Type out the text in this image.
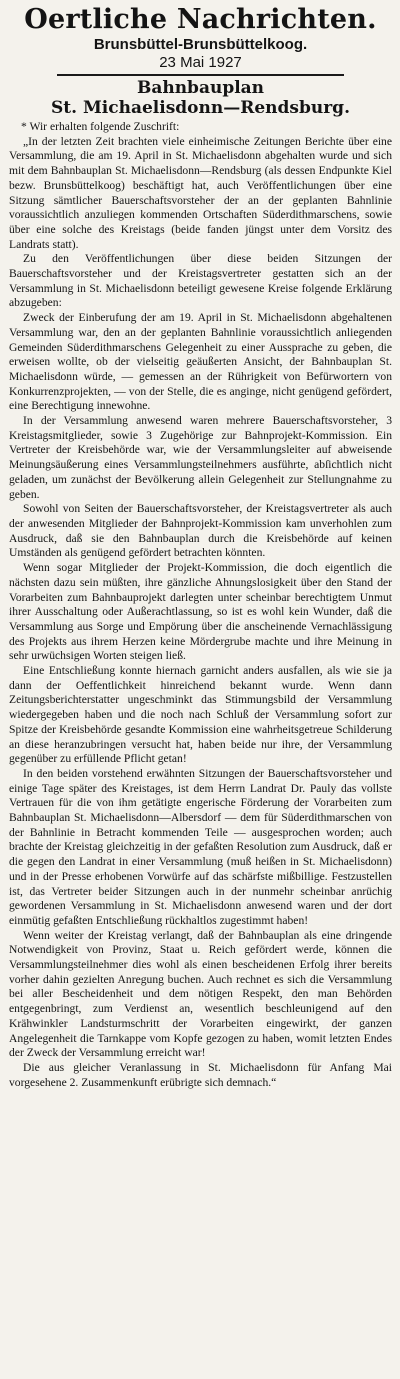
Oertliche Nachrichten.
Brunsbüttel-Brunsbüttelkoog.
23 Mai 1927
Bahnbauplan
St. Michaelisdonn—Rendsburg.

* Wir erhalten folgende Zuschrift:

„In der letzten Zeit brachten viele einheimische Zeitungen Berichte über eine Versammlung, die am 19. April in St. Michaelisdonn abgehalten wurde und sich mit dem Bahnbauplan St. Michaelisdonn—Rendsburg (als dessen Endpunkte Kiel bezw. Brunsbüttelkoog) beschäftigt hat, auch Veröffentlichungen über eine Sitzung sämtlicher Bauerschaftsvorsteher der an der geplanten Bahnlinie voraussichtlich anzuliegen kommenden Ortschaften Süderdithmarschens, sowie über eine solche des Kreistags (beide fanden jüngst unter dem Vorsitz des Landrats statt).

Zu den Veröffentlichungen über diese beiden Sitzungen der Bauerschaftsvorsteher und der Kreistagsvertreter gestatten sich an der Versammlung in St. Michaelisdonn beteiligt gewesene Kreise folgende Erklärung abzugeben:

Zweck der Einberufung der am 19. April in St. Michaelisdonn abgehaltenen Versammlung war, den an der geplanten Bahnlinie voraussichtlich anliegenden Gemeinden Süderdithmarschens Gelegenheit zu einer Aussprache zu geben, die erweisen wollte, ob der vielseitig geäußerten Ansicht, der Bahnbauplan St. Michaelisdonn würde, — gemessen an der Rührigkeit von Befürwortern von Konkurrenzprojekten, — von der Stelle, die es anginge, nicht genügend gefördert, eine Berechtigung innewohne.

In der Versammlung anwesend waren mehrere Bauerschaftsvorsteher, 3 Kreistagsmitglieder, sowie 3 Zugehörige zur Bahnprojekt-Kommission. Ein Vertreter der Kreisbehörde war, wie der Versammlungsleiter auf abweisende Meinungsäußerung eines Versammlungsteilnehmers ausführte, abſichtlich nicht geladen, um zunächst der Bevölkerung allein Gelegenheit zur Stellungnahme zu geben.

Sowohl von Seiten der Bauerschaftsvorsteher, der Kreistagsvertreter als auch der anwesenden Mitglieder der Bahnprojekt-Kommission kam unverhohlen zum Ausdruck, daß sie den Bahnbauplan durch die Kreisbehörde auf keinen Umständen als genügend gefördert betrachten könnten.

Wenn sogar Mitglieder der Projekt-Kommission, die doch eigentlich die nächsten dazu sein müßten, ihre gänzliche Ahnungslosigkeit über den Stand der Vorarbeiten zum Bahnbauprojekt darlegten unter scheinbar berechtigtem Unmut ihrer Ausschaltung oder Außerachtlassung, so ist es wohl kein Wunder, daß die Versammlung aus Sorge und Empörung über die anscheinende Vernachlässigung des Projekts aus ihrem Herzen keine Mördergrube machte und ihre Meinung in sehr urwüchsigen Worten steigen ließ.

Eine Entschließung konnte hiernach garnicht anders ausfallen, als wie sie ja dann der Oeffentlichkeit hinreichend bekannt wurde. Wenn dann Zeitungsberichterstatter ungeschminkt das Stimmungsbild der Versammlung wiedergegeben haben und die noch nach Schluß der Versammlung sofort zur Spitze der Kreisbehörde gesandte Kommission eine wahrheitsgetreue Schilderung an diese heranzubringen versucht hat, haben beide nur ihre, der Versammlung gegenüber zu erfüllende Pflicht getan!

In den beiden vorstehend erwähnten Sitzungen der Bauerschaftsvorsteher und einige Tage später des Kreistages, ist dem Herrn Landrat Dr. Pauly das vollste Vertrauen für die von ihm getätigte engerische Förderung der Vorarbeiten zum Bahnbauplan St. Michaelisdonn—Albersdorf — dem für Süderdithmarschen von der Bahnlinie in Betracht kommenden Teile — ausgesprochen worden; auch brachte der Kreistag gleichzeitig in der gefaßten Resolution zum Ausdruck, daß er die gegen den Landrat in einer Versammlung (muß heißen in St. Michaelisdonn) und in der Presse erhobenen Vorwürfe auf das schärfste mißbillige. Festzustellen ist, das Vertreter beider Sitzungen auch in der nunmehr scheinbar anrüchig gewordenen Versammlung in St. Michaelisdonn anwesend waren und der dort einmütig gefaßten Entschließung rückhaltlos zugestimmt haben!

Wenn weiter der Kreistag verlangt, daß der Bahnbauplan als eine dringende Notwendigkeit von Provinz, Staat u. Reich gefördert werde, können die Versammlungsteilnehmer dies wohl als einen bescheidenen Erfolg ihrer bereits vorher dahin gezielten Anregung buchen. Auch rechnet es sich die Versammlung bei aller Bescheidenheit und dem nötigen Respekt, den man Behörden entgegenbringt, zum Verdienst an, wesentlich beschleunigend auf den Krähwinkler Landsturmschritt der Vorarbeiten eingewirkt, der ganzen Angelegenheit die Tarnkappe vom Kopfe gezogen zu haben, womit letzten Endes der Zweck der Versammlung erreicht war!

Die aus gleicher Veranlassung in St. Michaelisdonn für Anfang Mai vorgesehene 2. Zusammenkunft erübrigte sich demnach.“
